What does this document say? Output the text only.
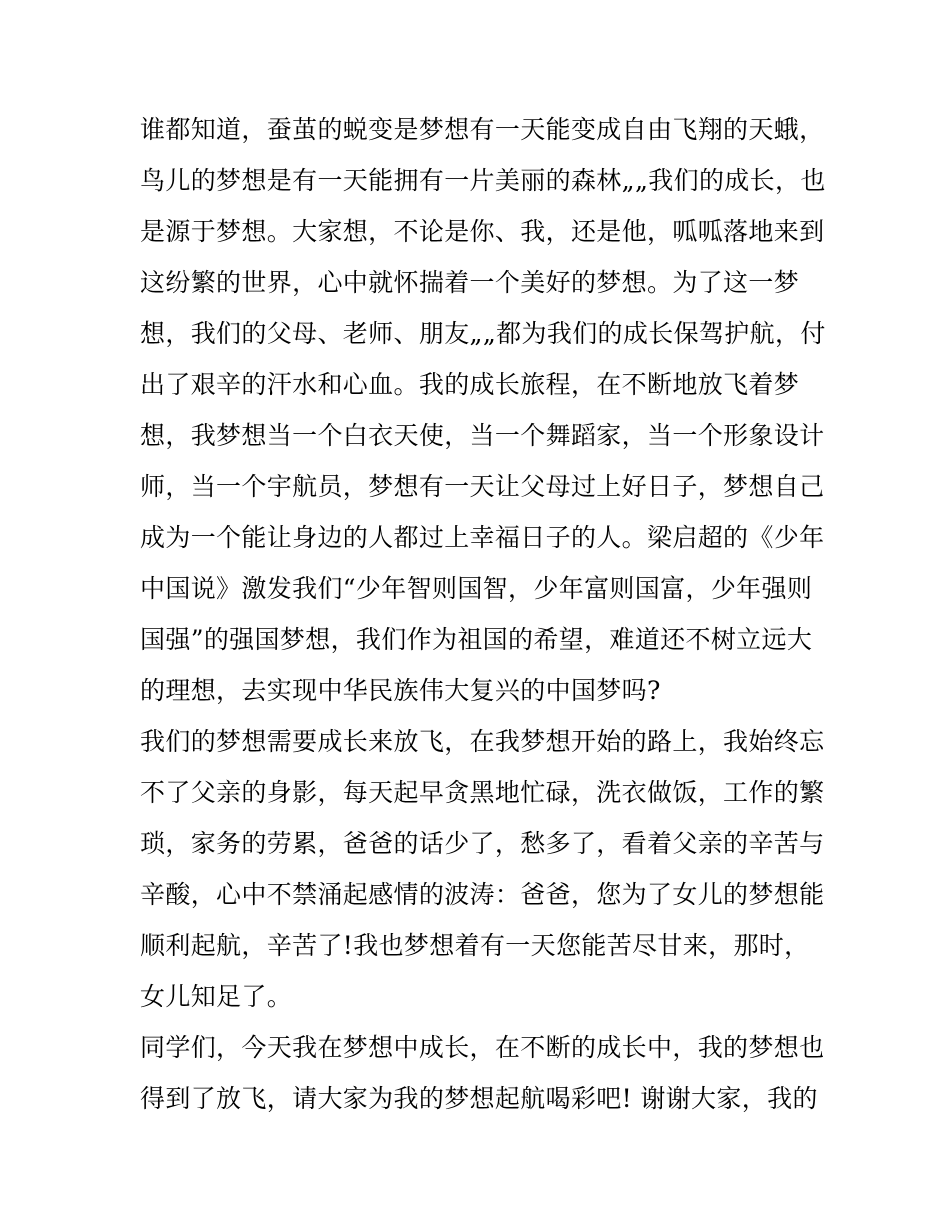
谁都知道，蚕茧的蜕变是梦想有一天能变成自由飞翔的天蛾，
鸟儿的梦想是有一天能拥有一片美丽的森林„„我们的成长，也
是源于梦想。大家想，不论是你、我，还是他，呱呱落地来到
这纷繁的世界，心中就怀揣着一个美好的梦想。为了这一梦
想，我们的父母、老师、朋友„„都为我们的成长保驾护航，付
出了艰辛的汗水和心血。我的成长旅程，在不断地放飞着梦
想，我梦想当一个白衣天使，当一个舞蹈家，当一个形象设计
师，当一个宇航员，梦想有一天让父母过上好日子，梦想自己
成为一个能让身边的人都过上幸福日子的人。梁启超的《少年
中国说》激发我们“少年智则国智，少年富则国富，少年强则
国强”的强国梦想，我们作为祖国的希望，难道还不树立远大
的理想，去实现中华民族伟大复兴的中国梦吗?
我们的梦想需要成长来放飞，在我梦想开始的路上，我始终忘
不了父亲的身影，每天起早贪黑地忙碌，洗衣做饭，工作的繁
琐，家务的劳累，爸爸的话少了，愁多了，看着父亲的辛苦与
辛酸，心中不禁涌起感情的波涛：爸爸，您为了女儿的梦想能
顺利起航，辛苦了!我也梦想着有一天您能苦尽甘来，那时，
女儿知足了。
同学们，今天我在梦想中成长，在不断的成长中，我的梦想也
得到了放飞，请大家为我的梦想起航喝彩吧! 谢谢大家，我的
